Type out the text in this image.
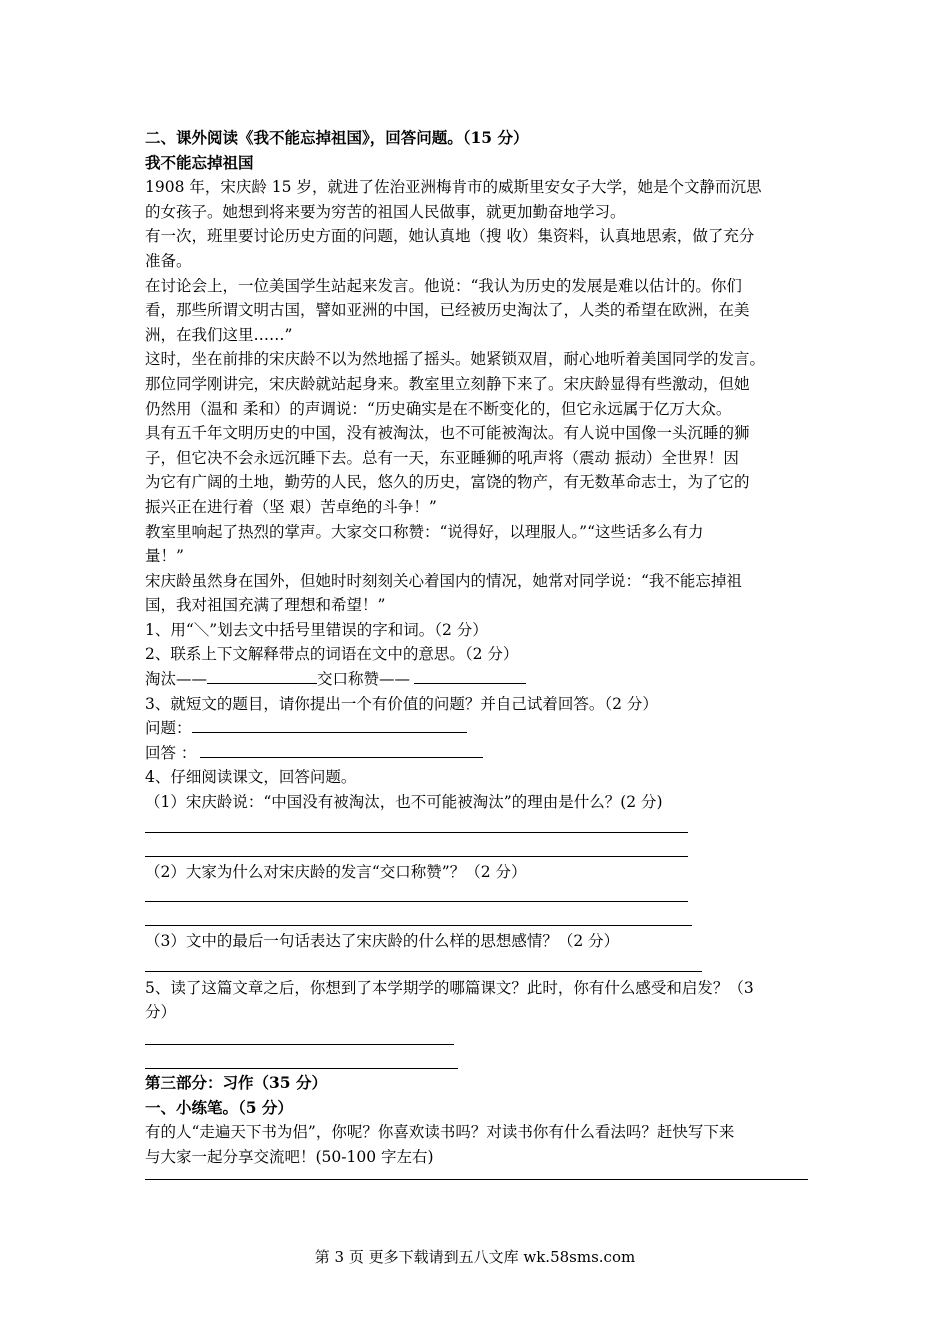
二、课外阅读《我不能忘掉祖国》，回答问题。（15 分）
我不能忘掉祖国
1908 年，宋庆龄 15 岁，就进了佐治亚洲梅肯市的威斯里安女子大学，她是个文静而沉思
的女孩子。她想到将来要为穷苦的祖国人民做事，就更加勤奋地学习。
有一次，班里要讨论历史方面的问题，她认真地（搜 收）集资料，认真地思索，做了充分
准备。
在讨论会上，一位美国学生站起来发言。他说：“我认为历史的发展是难以估计的。你们
看，那些所谓文明古国，譬如亚洲的中国，已经被历史淘汰了，人类的希望在欧洲，在美
洲，在我们这里……”
这时，坐在前排的宋庆龄不以为然地摇了摇头。她紧锁双眉，耐心地听着美国同学的发言。
那位同学刚讲完，宋庆龄就站起身来。教室里立刻静下来了。宋庆龄显得有些激动，但她
仍然用（温和 柔和）的声调说：“历史确实是在不断变化的，但它永远属于亿万大众。
具有五千年文明历史的中国，没有被淘汰，也不可能被淘汰。有人说中国像一头沉睡的狮
子，但它决不会永远沉睡下去。总有一天，东亚睡狮的吼声将（震动 振动）全世界！因
为它有广阔的土地，勤劳的人民，悠久的历史，富饶的物产，有无数革命志士，为了它的
振兴正在进行着（坚 艰）苦卓绝的斗争！”
教室里响起了热烈的掌声。大家交口称赞：“说得好，以理服人。”“这些话多么有力
量！”
宋庆龄虽然身在国外，但她时时刻刻关心着国内的情况，她常对同学说：“我不能忘掉祖
国，我对祖国充满了理想和希望！”
1、用“＼”划去文中括号里错误的字和词。（2 分）
2、联系上下文解释带点的词语在文中的意思。（2 分）
淘汰——	交口称赞——
3、就短文的题目，请你提出一个有价值的问题？并自己试着回答。（2 分）
问题：
回答 ：
4、仔细阅读课文，回答问题。
（1）宋庆龄说：“中国没有被淘汰，也不可能被淘汰”的理由是什么？(2 分)
（2）大家为什么对宋庆龄的发言“交口称赞”？（2 分）
（3）文中的最后一句话表达了宋庆龄的什么样的思想感情？（2 分）
5、读了这篇文章之后，你想到了本学期学的哪篇课文？此时，你有什么感受和启发？（3
分）
第三部分：习作（35 分）
一、小练笔。（5 分）
有的人“走遍天下书为侣”，你呢？你喜欢读书吗？对读书你有什么看法吗？赶快写下来
与大家一起分享交流吧！(50-100 字左右)
第 3 页 更多下载请到五八文库 wk.58sms.com
